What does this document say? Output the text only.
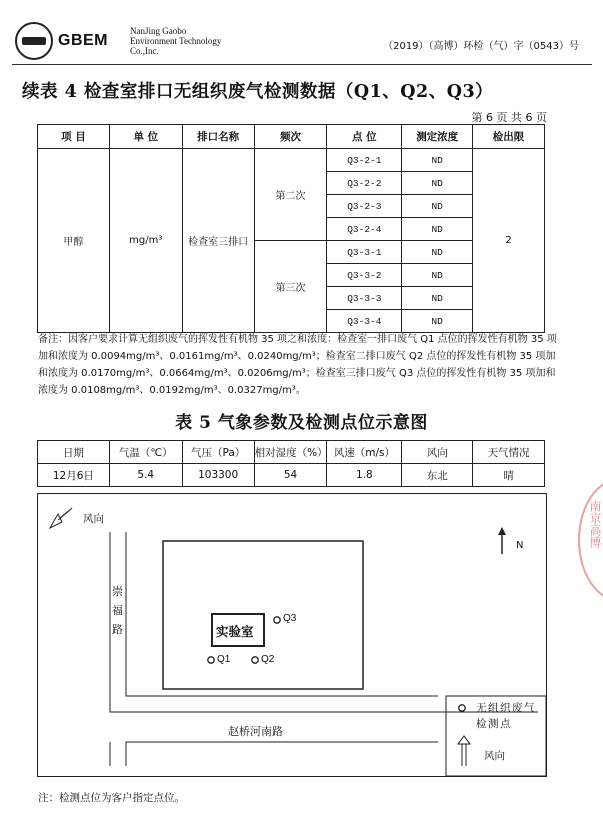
GBEM
NanJing Gaobo
Environment Technology
Co.,Inc.	（2019）（高博）环检（气）字（0543）号
续表 4 检查室排口无组织废气检测数据（Q1、Q2、Q3）
第 6 页 共 6 页
项 目	单 位	排口名称	频次	点 位	测定浓度	检出限
甲醇	mg/m³	检查室三排口	第二次	Q3-2-1	ND	2
				Q3-2-2	ND	
				Q3-2-3	ND	
				Q3-2-4	ND	
			第三次	Q3-3-1	ND	
				Q3-3-2	ND	
				Q3-3-3	ND	
				Q3-3-4	ND	
备注：因客户要求计算无组织废气的挥发性有机物 35 项之和浓度：检查室一排口废气 Q1 点位的挥发性有机物 35 项加和浓度为 0.0094mg/m³、0.0161mg/m³、0.0240mg/m³；检查室二排口废气 Q2 点位的挥发性有机物 35 项加和浓度为 0.0170mg/m³、0.0664mg/m³、0.0206mg/m³；检查室三排口废气 Q3 点位的挥发性有机物 35 项加和浓度为 0.0108mg/m³、0.0192mg/m³、0.0327mg/m³。
表 5 气象参数及检测点位示意图
日期	气温（℃）	气压（Pa）	相对湿度（%）	风速（m/s）	风向	天气情况
12月6日	5.4	103300	54	1.8	东北	晴
风向
N
崇福路
赵桥河南路
实验室
Q3
Q1	Q2
无组织废气检测点
风向
注：检测点位为客户指定点位。
南京高博
